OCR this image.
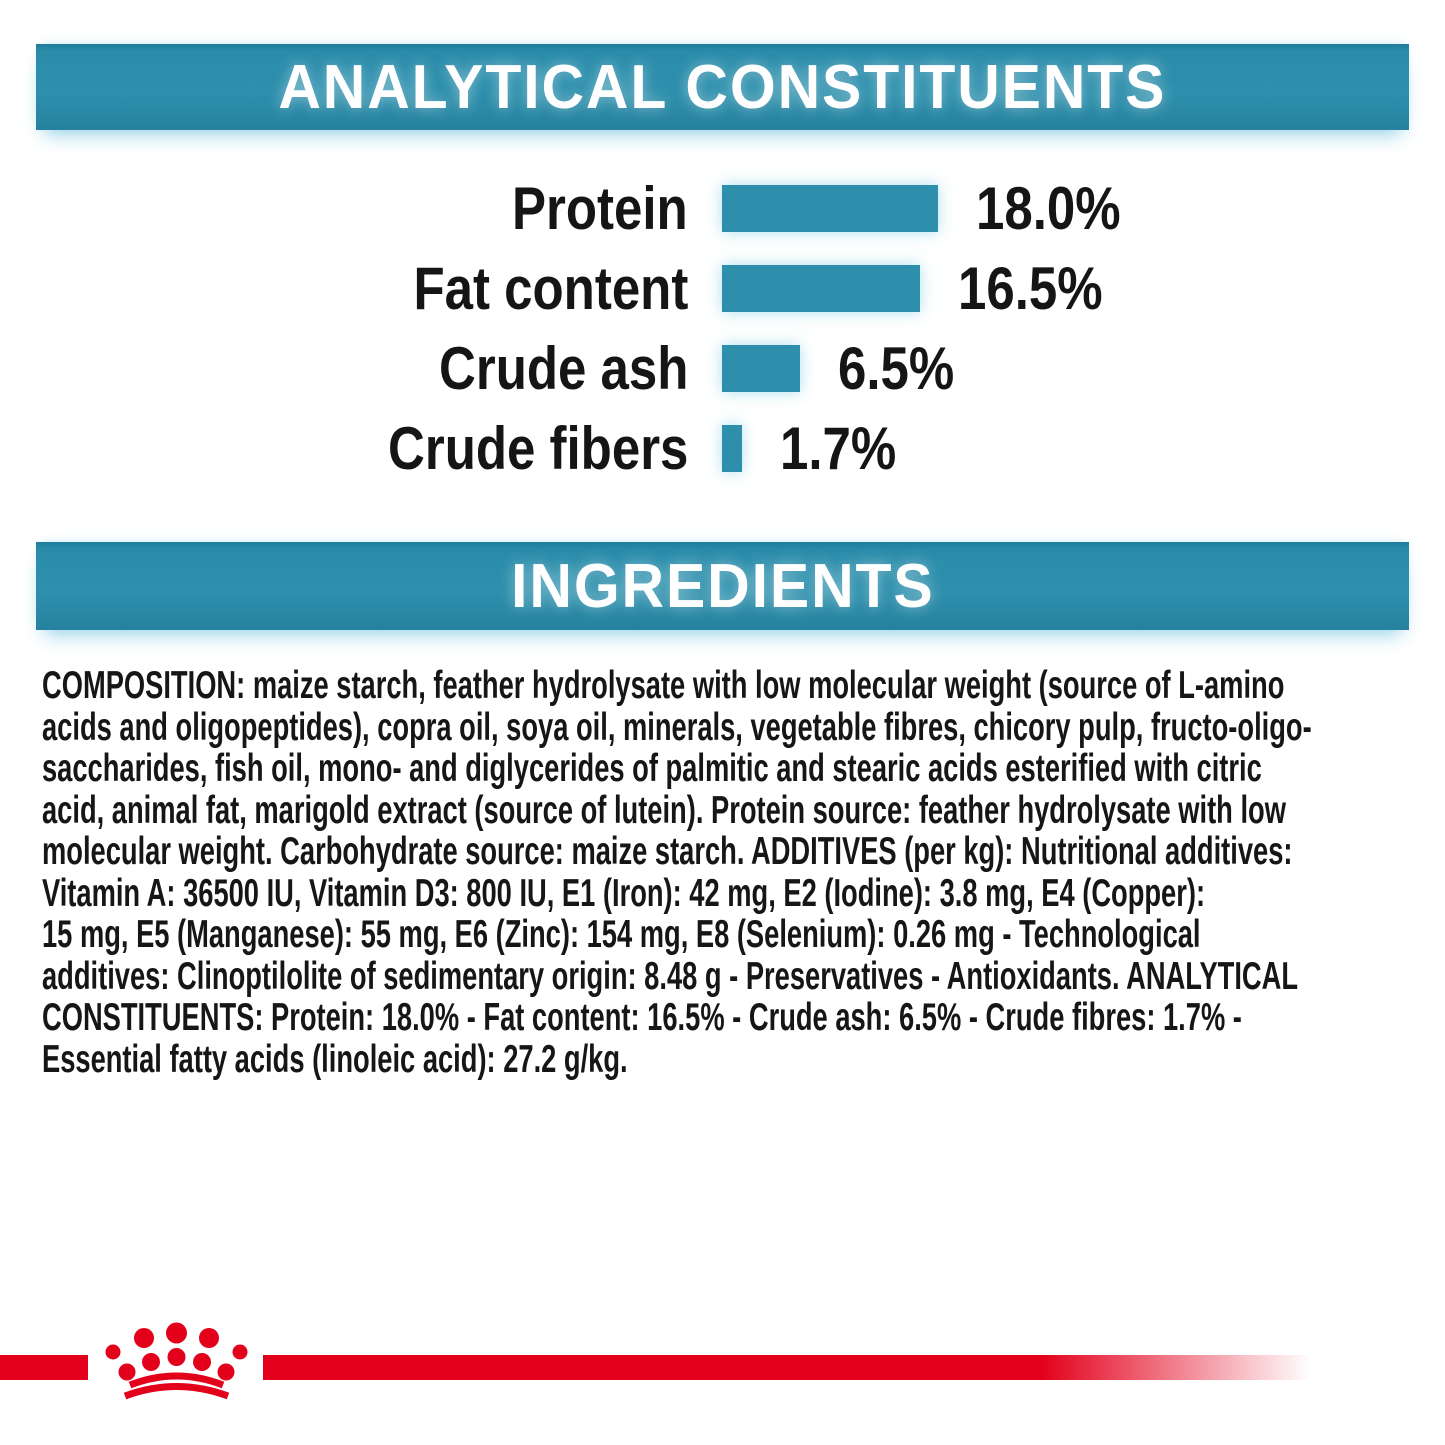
ANALYTICAL CONSTITUENTS
Protein	18.0%
Fat content	16.5%
Crude ash	6.5%
Crude fibers	1.7%
INGREDIENTS
COMPOSITION: maize starch, feather hydrolysate with low molecular weight (source of L-amino
acids and oligopeptides), copra oil, soya oil, minerals, vegetable fibres, chicory pulp, fructo-oligo-
saccharides, fish oil, mono- and diglycerides of palmitic and stearic acids esterified with citric
acid, animal fat, marigold extract (source of lutein). Protein source: feather hydrolysate with low
molecular weight. Carbohydrate source: maize starch. ADDITIVES (per kg): Nutritional additives:
Vitamin A: 36500 IU, Vitamin D3: 800 IU, E1 (Iron): 42 mg, E2 (Iodine): 3.8 mg, E4 (Copper):
15 mg, E5 (Manganese): 55 mg, E6 (Zinc): 154 mg, E8 (Selenium): 0.26 mg - Technological
additives: Clinoptilolite of sedimentary origin: 8.48 g - Preservatives - Antioxidants. ANALYTICAL
CONSTITUENTS: Protein: 18.0% - Fat content: 16.5% - Crude ash: 6.5% - Crude fibres: 1.7% -
Essential fatty acids (linoleic acid): 27.2 g/kg.
